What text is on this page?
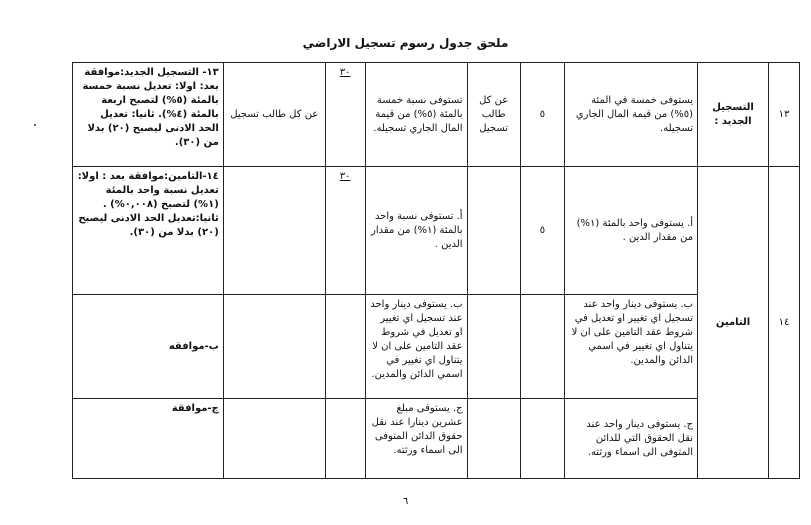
ملحق جدول رسوم تسجيل الاراضي
١٣	التسجيل الجديد :	يستوفى خمسة في المئة (٥%) من قيمة المال الجاري تسجيله.	٥	عن كل طالب تسجيل	تستوفى نسبة خمسة بالمئة (٥%) من قيمة المال الجاري تسجيله.	٣٠	عن كل طالب تسجيل	١٣- التسجيل الجديد:موافقة بعد: اولا: تعديل نسبة خمسة بالمئة (٥%) لتصبح اربعة بالمئة (٤%). ثانيا: تعديل الحد الادنى ليصبح (٢٠) بدلا من (٣٠).
١٤	التامين	أ. يستوفى واحد بالمئة (١%) من مقدار الدين .	٥		أ. تستوفى نسبة واحد بالمئة (١%) من مقدار الدين .	٣٠		١٤-التامين:موافقة بعد : اولا: تعديل نسبة واحد بالمئة (١%) لتصبح (٠,٠٠٨%) . ثانيا:تعديل الحد الادنى ليصبح (٢٠) بدلا من (٣٠).
		ب. يستوفى دينار واحد عند تسجيل اي تغيير او تعديل في شروط عقد التامين على ان لا يتناول اي تغيير في اسمي الدائن والمدين.			ب. يستوفى دينار واحد عند تسجيل اي تغيير او تعديل في شروط عقد التامين على ان لا يتناول اي تغيير في اسمي الدائن والمدين.			ب-موافقه
		ج. يستوفى دينار واحد عند نقل الحقوق التي للدائن المتوفى الى اسماء ورثته.			ج. يستوفى مبلغ عشرين دينارا عند نقل حقوق الدائن المتوفى الى اسماء ورثته.			ج-موافقة
٦
